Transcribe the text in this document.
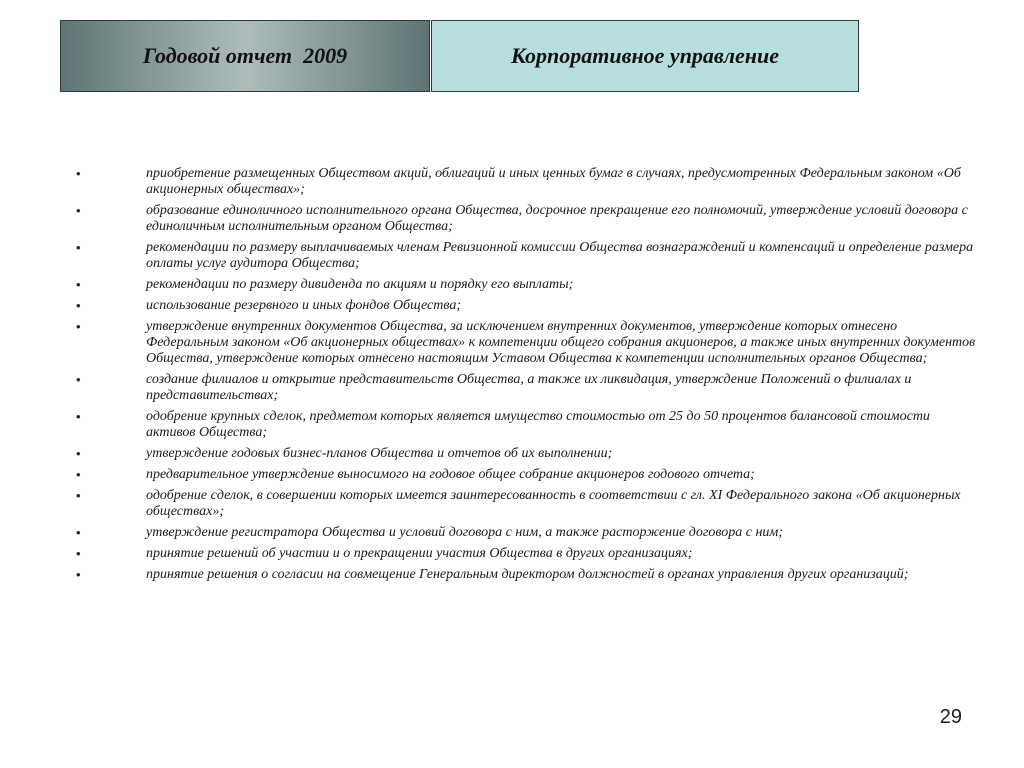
Годовой отчет  2009	Корпоративное управление
•	приобретение размещенных Обществом акций, облигаций и иных ценных бумаг в случаях, предусмотренных Федеральным законом «Об акционерных обществах»;
•	образование единоличного исполнительного органа Общества, досрочное прекращение его полномочий, утверждение условий договора с единоличным исполнительным органом Общества;
•	рекомендации по размеру выплачиваемых членам Ревизионной комиссии Общества вознаграждений и компенсаций и определение размера оплаты услуг аудитора Общества;
•	рекомендации по размеру дивиденда по акциям и порядку его выплаты;
•	использование резервного и иных фондов Общества;
•	утверждение внутренних документов Общества, за исключением внутренних документов, утверждение которых отнесено Федеральным законом «Об акционерных обществах» к компетенции общего собрания акционеров, а также иных внутренних документов Общества, утверждение которых отнесено настоящим Уставом Общества к компетенции исполнительных органов Общества;
•	создание филиалов и открытие представительств Общества, а также их ликвидация, утверждение Положений о филиалах и представительствах;
•	одобрение крупных сделок, предметом которых является имущество стоимостью от 25 до 50 процентов балансовой стоимости активов Общества;
•	утверждение годовых бизнес-планов Общества и отчетов об их выполнении;
•	предварительное утверждение выносимого на годовое общее собрание акционеров годового отчета;
•	одобрение сделок, в совершении которых имеется заинтересованность в соответствии с гл. XI Федерального закона «Об акционерных обществах»;
•	утверждение регистратора Общества и условий договора с ним, а также расторжение договора с ним;
•	принятие решений об участии и о прекращении участия Общества в других организациях;
•	принятие решения о согласии на совмещение Генеральным директором должностей в органах управления других организаций;
29
